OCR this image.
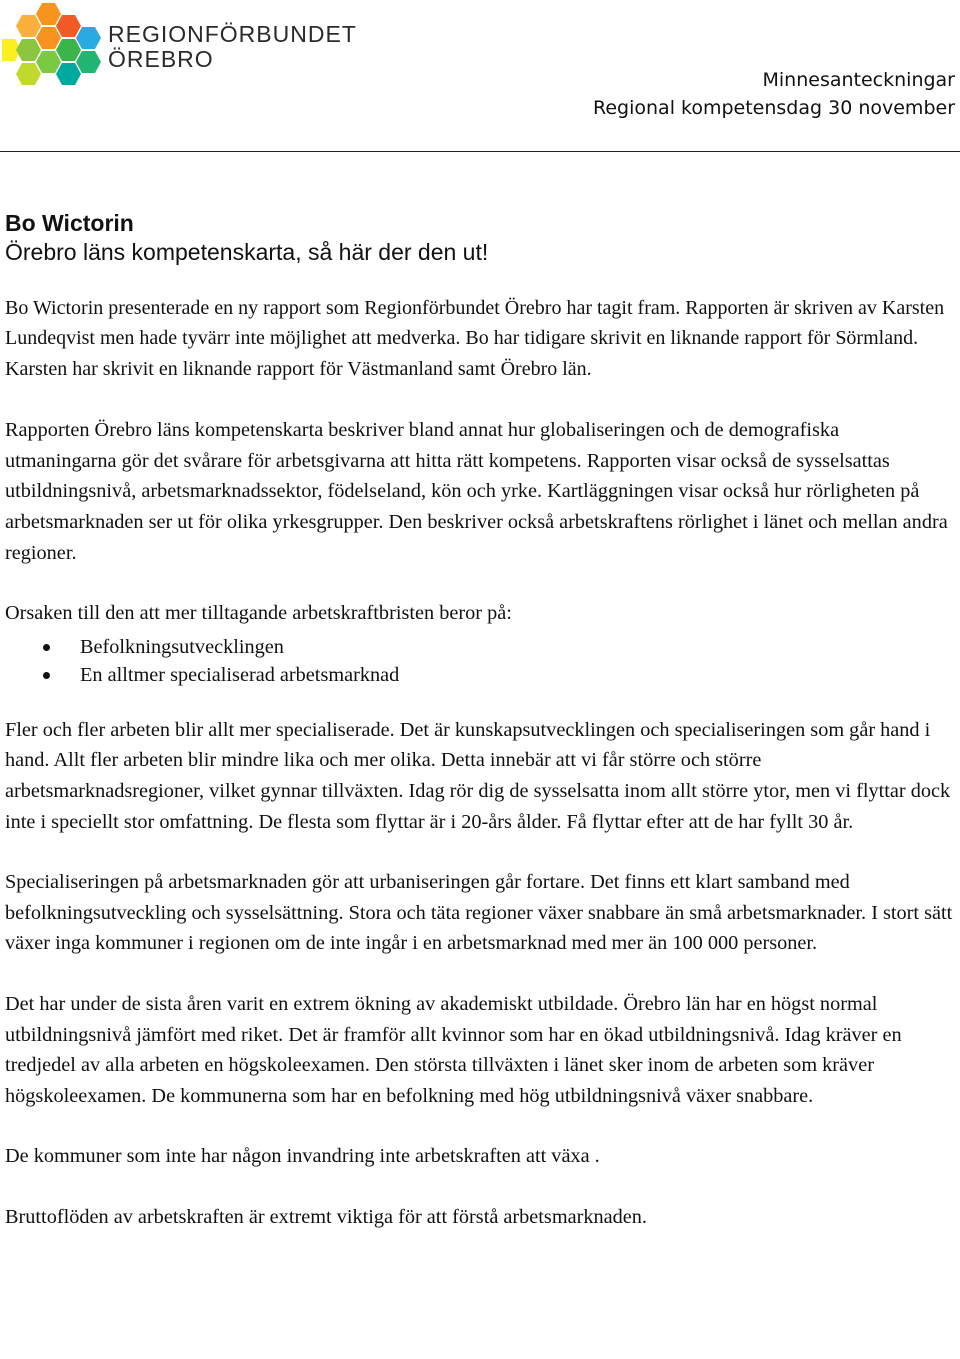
REGIONFÖRBUNDET
ÖREBRO
Minnesanteckningar
Regional kompetensdag 30 november

Bo Wictorin

Örebro läns kompetenskarta, så här der den ut!

Bo Wictorin presenterade en ny rapport som Regionförbundet Örebro har tagit fram. Rapporten är skriven av Karsten Lundeqvist men hade tyvärr inte möjlighet att medverka. Bo har tidigare skrivit en liknande rapport för Sörmland. Karsten har skrivit en liknande rapport för Västmanland samt Örebro län.

Rapporten Örebro läns kompetenskarta beskriver bland annat hur globaliseringen och de demografiska utmaningarna gör det svårare för arbetsgivarna att hitta rätt kompetens. Rapporten visar också de sysselsattas utbildningsnivå, arbetsmarknadssektor, födelseland, kön och yrke. Kartläggningen visar också hur rörligheten på arbetsmarknaden ser ut för olika yrkesgrupper. Den beskriver också arbetskraftens rörlighet i länet och mellan andra regioner.

Orsaken till den att mer tilltagande arbetskraftbristen beror på:

Befolkningsutvecklingen
En alltmer specialiserad arbetsmarknad

Fler och fler arbeten blir allt mer specialiserade. Det är kunskapsutvecklingen och specialiseringen som går hand i hand. Allt fler arbeten blir mindre lika och mer olika. Detta innebär att vi får större och större arbetsmarknadsregioner, vilket gynnar tillväxten. Idag rör dig de sysselsatta inom allt större ytor, men vi flyttar dock inte i speciellt stor omfattning. De flesta som flyttar är i 20-års ålder. Få flyttar efter att de har fyllt 30 år.

Specialiseringen på arbetsmarknaden gör att urbaniseringen går fortare. Det finns ett klart samband med befolkningsutveckling och sysselsättning. Stora och täta regioner växer snabbare än små arbetsmarknader. I stort sätt växer inga kommuner i regionen om de inte ingår i en arbetsmarknad med mer än 100 000 personer.

Det har under de sista åren varit en extrem ökning av akademiskt utbildade. Örebro län har en högst normal utbildningsnivå jämfört med riket. Det är framför allt kvinnor som har en ökad utbildningsnivå. Idag kräver en tredjedel av alla arbeten en högskoleexamen. Den största tillväxten i länet sker inom de arbeten som kräver högskoleexamen. De kommunerna som har en befolkning med hög utbildningsnivå växer snabbare.

De kommuner som inte har någon invandring inte arbetskraften att växa .

Bruttoflöden av arbetskraften är extremt viktiga för att förstå arbetsmarknaden.
